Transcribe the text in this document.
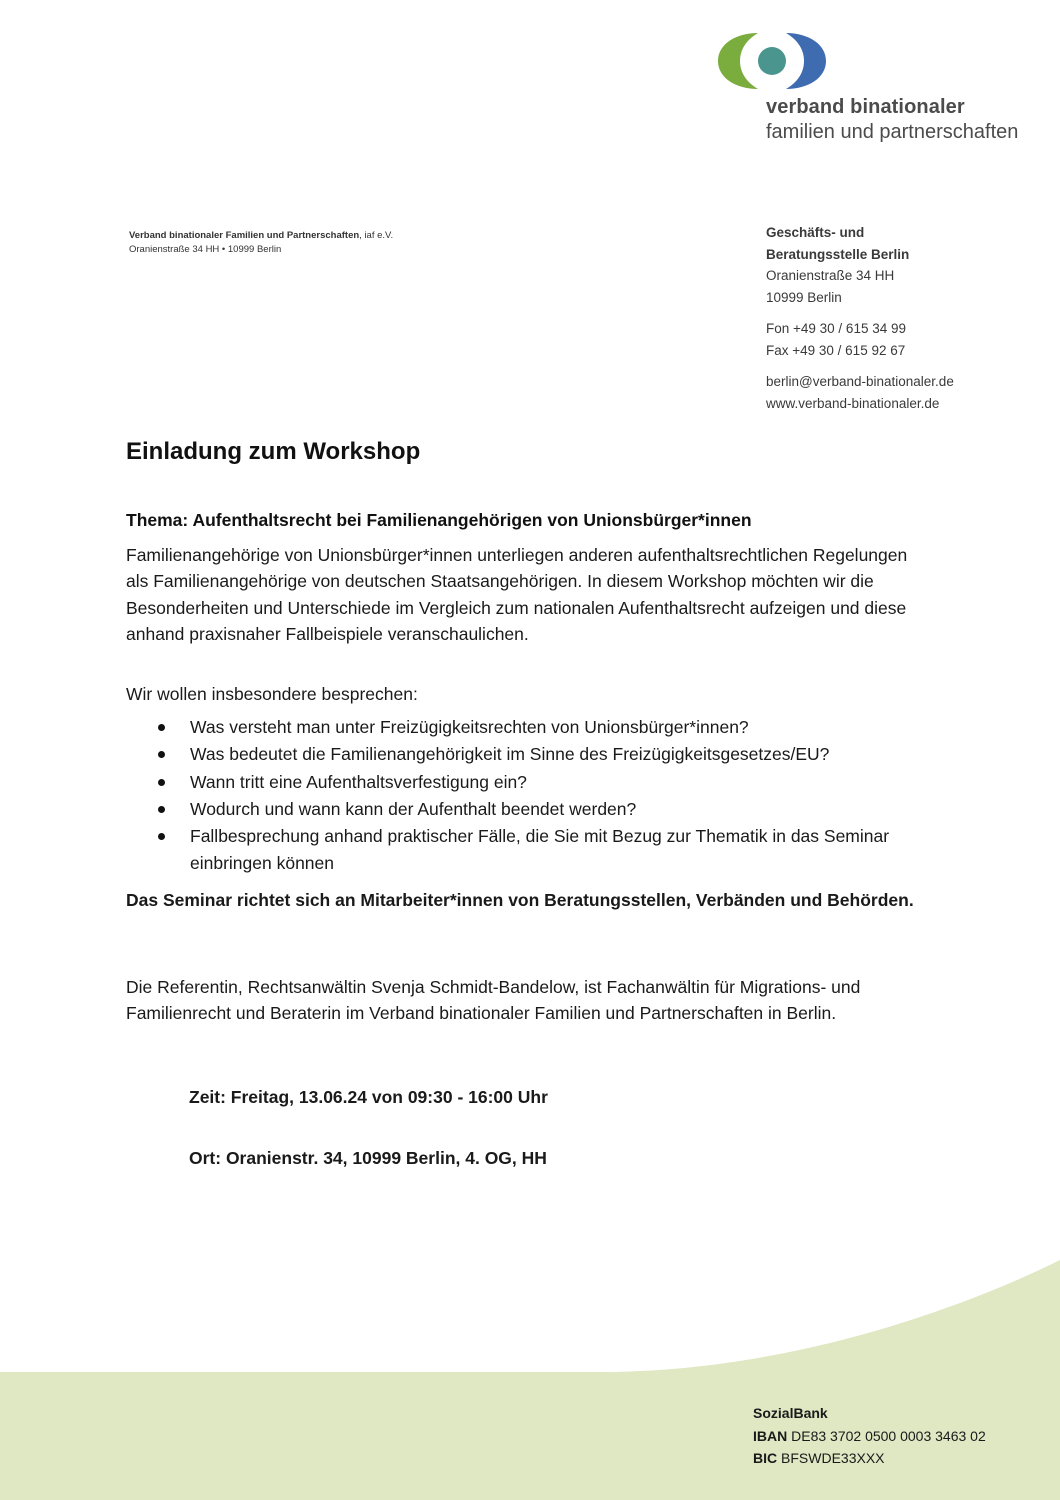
verband binationaler
familien und partnerschaften
Verband binationaler Familien und Partnerschaften, iaf e.V.
Oranienstraße 34 HH • 10999 Berlin
Geschäfts- und
Beratungsstelle Berlin
Oranienstraße 34 HH
10999 Berlin
Fon +49 30 / 615 34 99
Fax +49 30 / 615 92 67
berlin@verband-binationaler.de
www.verband-binationaler.de
Einladung zum Workshop
Thema: Aufenthaltsrecht bei Familienangehörigen von Unionsbürger*innen
Familienangehörige von Unionsbürger*innen unterliegen anderen aufenthaltsrechtlichen Regelungen als Familienangehörige von deutschen Staatsangehörigen. In diesem Workshop möchten wir die Besonderheiten und Unterschiede im Vergleich zum nationalen Aufenthaltsrecht aufzeigen und diese anhand praxisnaher Fallbeispiele veranschaulichen.
Wir wollen insbesondere besprechen:
Was versteht man unter Freizügigkeitsrechten von Unionsbürger*innen?
Was bedeutet die Familienangehörigkeit im Sinne des Freizügigkeitsgesetzes/EU?
Wann tritt eine Aufenthaltsverfestigung ein?
Wodurch und wann kann der Aufenthalt beendet werden?
Fallbesprechung anhand praktischer Fälle, die Sie mit Bezug zur Thematik in das Seminar einbringen können
Das Seminar richtet sich an Mitarbeiter*innen von Beratungsstellen, Verbänden und Behörden.
Die Referentin, Rechtsanwältin Svenja Schmidt-Bandelow, ist Fachanwältin für Migrations- und Familienrecht und Beraterin im Verband binationaler Familien und Partnerschaften in Berlin.
Zeit: Freitag, 13.06.24 von 09:30 - 16:00 Uhr
Ort: Oranienstr. 34, 10999 Berlin, 4. OG, HH
SozialBank
IBAN DE83 3702 0500 0003 3463 02
BIC BFSWDE33XXX
